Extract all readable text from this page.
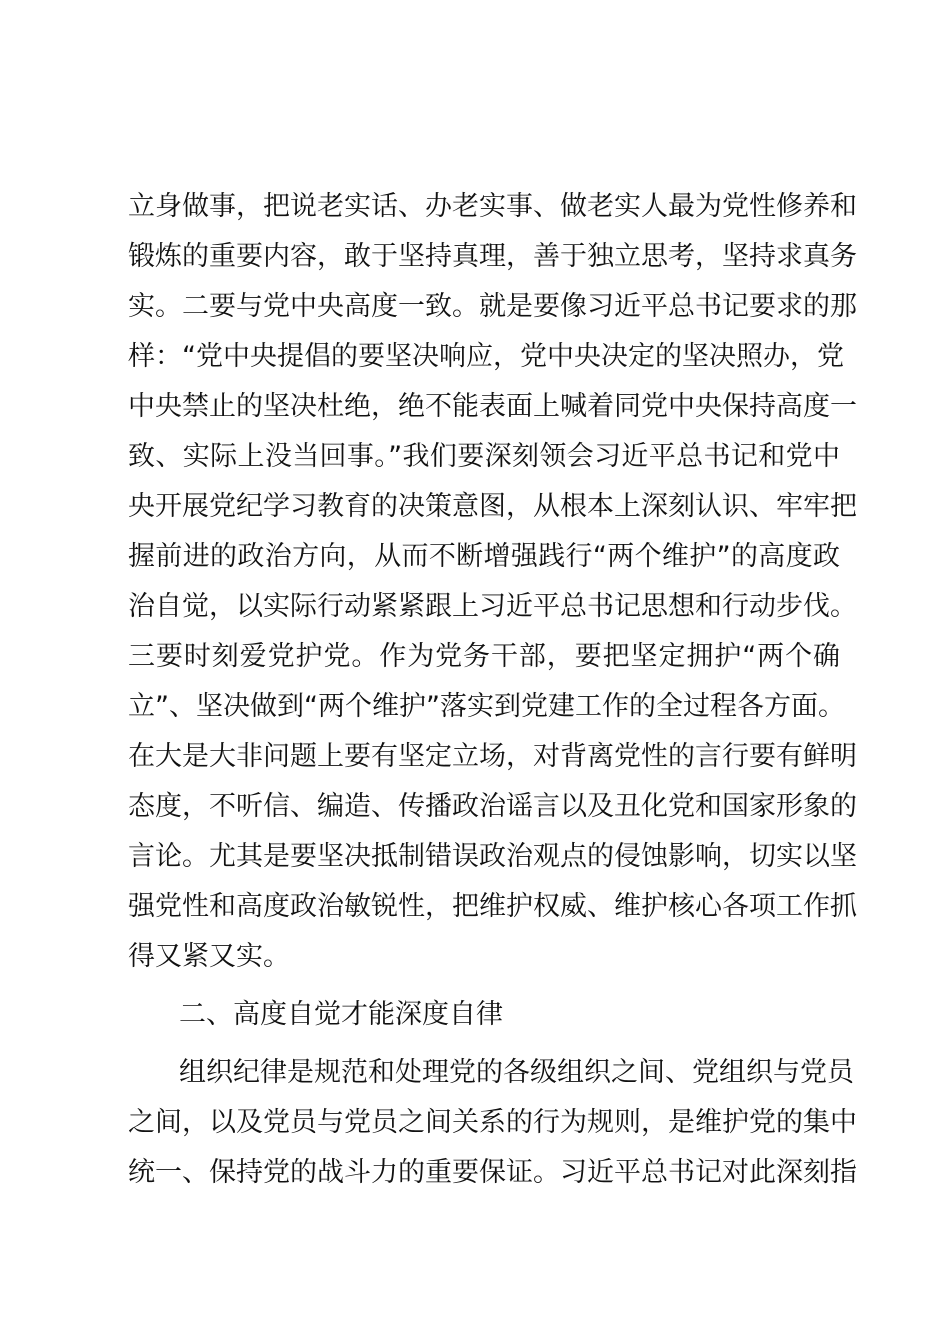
立身做事，把说老实话、办老实事、做老实人最为党性修养和
锻炼的重要内容，敢于坚持真理，善于独立思考，坚持求真务
实。二要与党中央高度一致。就是要像习近平总书记要求的那
样：“党中央提倡的要坚决响应，党中央决定的坚决照办，党
中央禁止的坚决杜绝，绝不能表面上喊着同党中央保持高度一
致、实际上没当回事。”我们要深刻领会习近平总书记和党中
央开展党纪学习教育的决策意图，从根本上深刻认识、牢牢把
握前进的政治方向，从而不断增强践行“两个维护”的高度政
治自觉，以实际行动紧紧跟上习近平总书记思想和行动步伐。
三要时刻爱党护党。作为党务干部，要把坚定拥护“两个确
立”、坚决做到“两个维护”落实到党建工作的全过程各方面。
在大是大非问题上要有坚定立场，对背离党性的言行要有鲜明
态度，不听信、编造、传播政治谣言以及丑化党和国家形象的
言论。尤其是要坚决抵制错误政治观点的侵蚀影响，切实以坚
强党性和高度政治敏锐性，把维护权威、维护核心各项工作抓
得又紧又实。
二、高度自觉才能深度自律
组织纪律是规范和处理党的各级组织之间、党组织与党员
之间，以及党员与党员之间关系的行为规则，是维护党的集中
统一、保持党的战斗力的重要保证。习近平总书记对此深刻指
